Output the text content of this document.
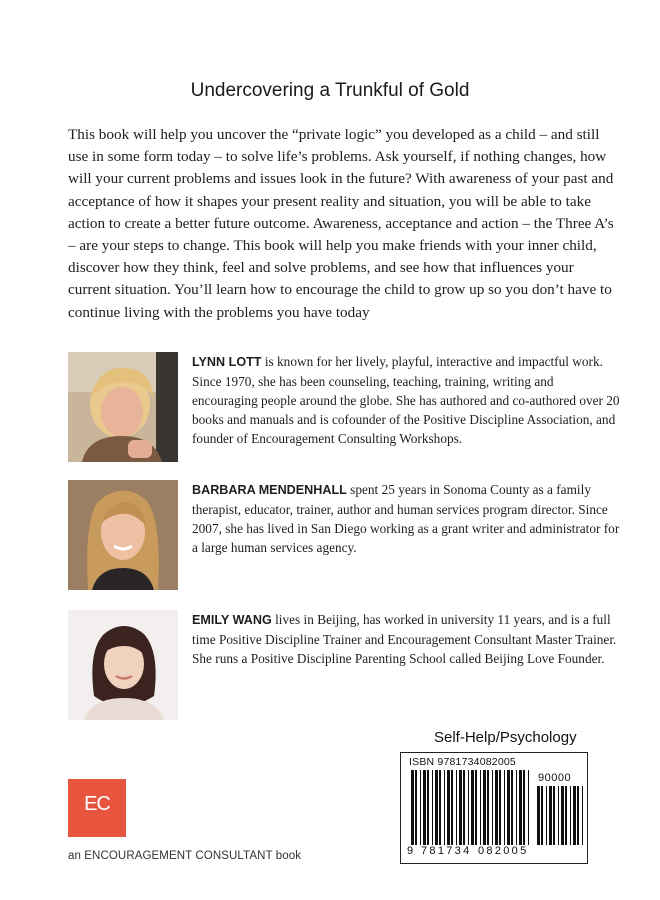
Undercovering a Trunkful of Gold

This book will help you uncover the “private logic” you developed as a child – and still use in some form today – to solve life’s problems. Ask yourself, if nothing changes, how will your current problems and issues look in the future? With awareness of your past and acceptance of how it shapes your present reality and situation, you will be able to take action to create a better future outcome. Awareness, acceptance and action – the Three A’s – are your steps to change. This book will help you make friends with your inner child, discover how they think, feel and solve problems, and see how that influences your current situation. You’ll learn how to encourage the child to grow up so you don’t have to continue living with the problems you have today

LYNN LOTT is known for her lively, playful, interactive and impactful work. Since 1970, she has been counseling, teaching, training, writing and encouraging people around the globe. She has authored and co-authored over 20 books and manuals and is cofounder of the Positive Discipline Association, and founder of Encouragement Consulting Workshops.

BARBARA MENDENHALL spent 25 years in Sonoma County as a family therapist, educator, trainer, author and human services program director. Since 2007, she has lived in San Diego working as a grant writer and administrator for a large human services agency.

EMILY WANG lives in Beijing, has worked in university 11 years, and is a full time Positive Discipline Trainer and Encouragement Consultant Master Trainer. She runs a Positive Discipline Parenting School called Beijing Love Founder.

Self-Help/Psychology
ISBN 9781734082005
90000
9 781734 082005
EC
an ENCOURAGEMENT CONSULTANT book
